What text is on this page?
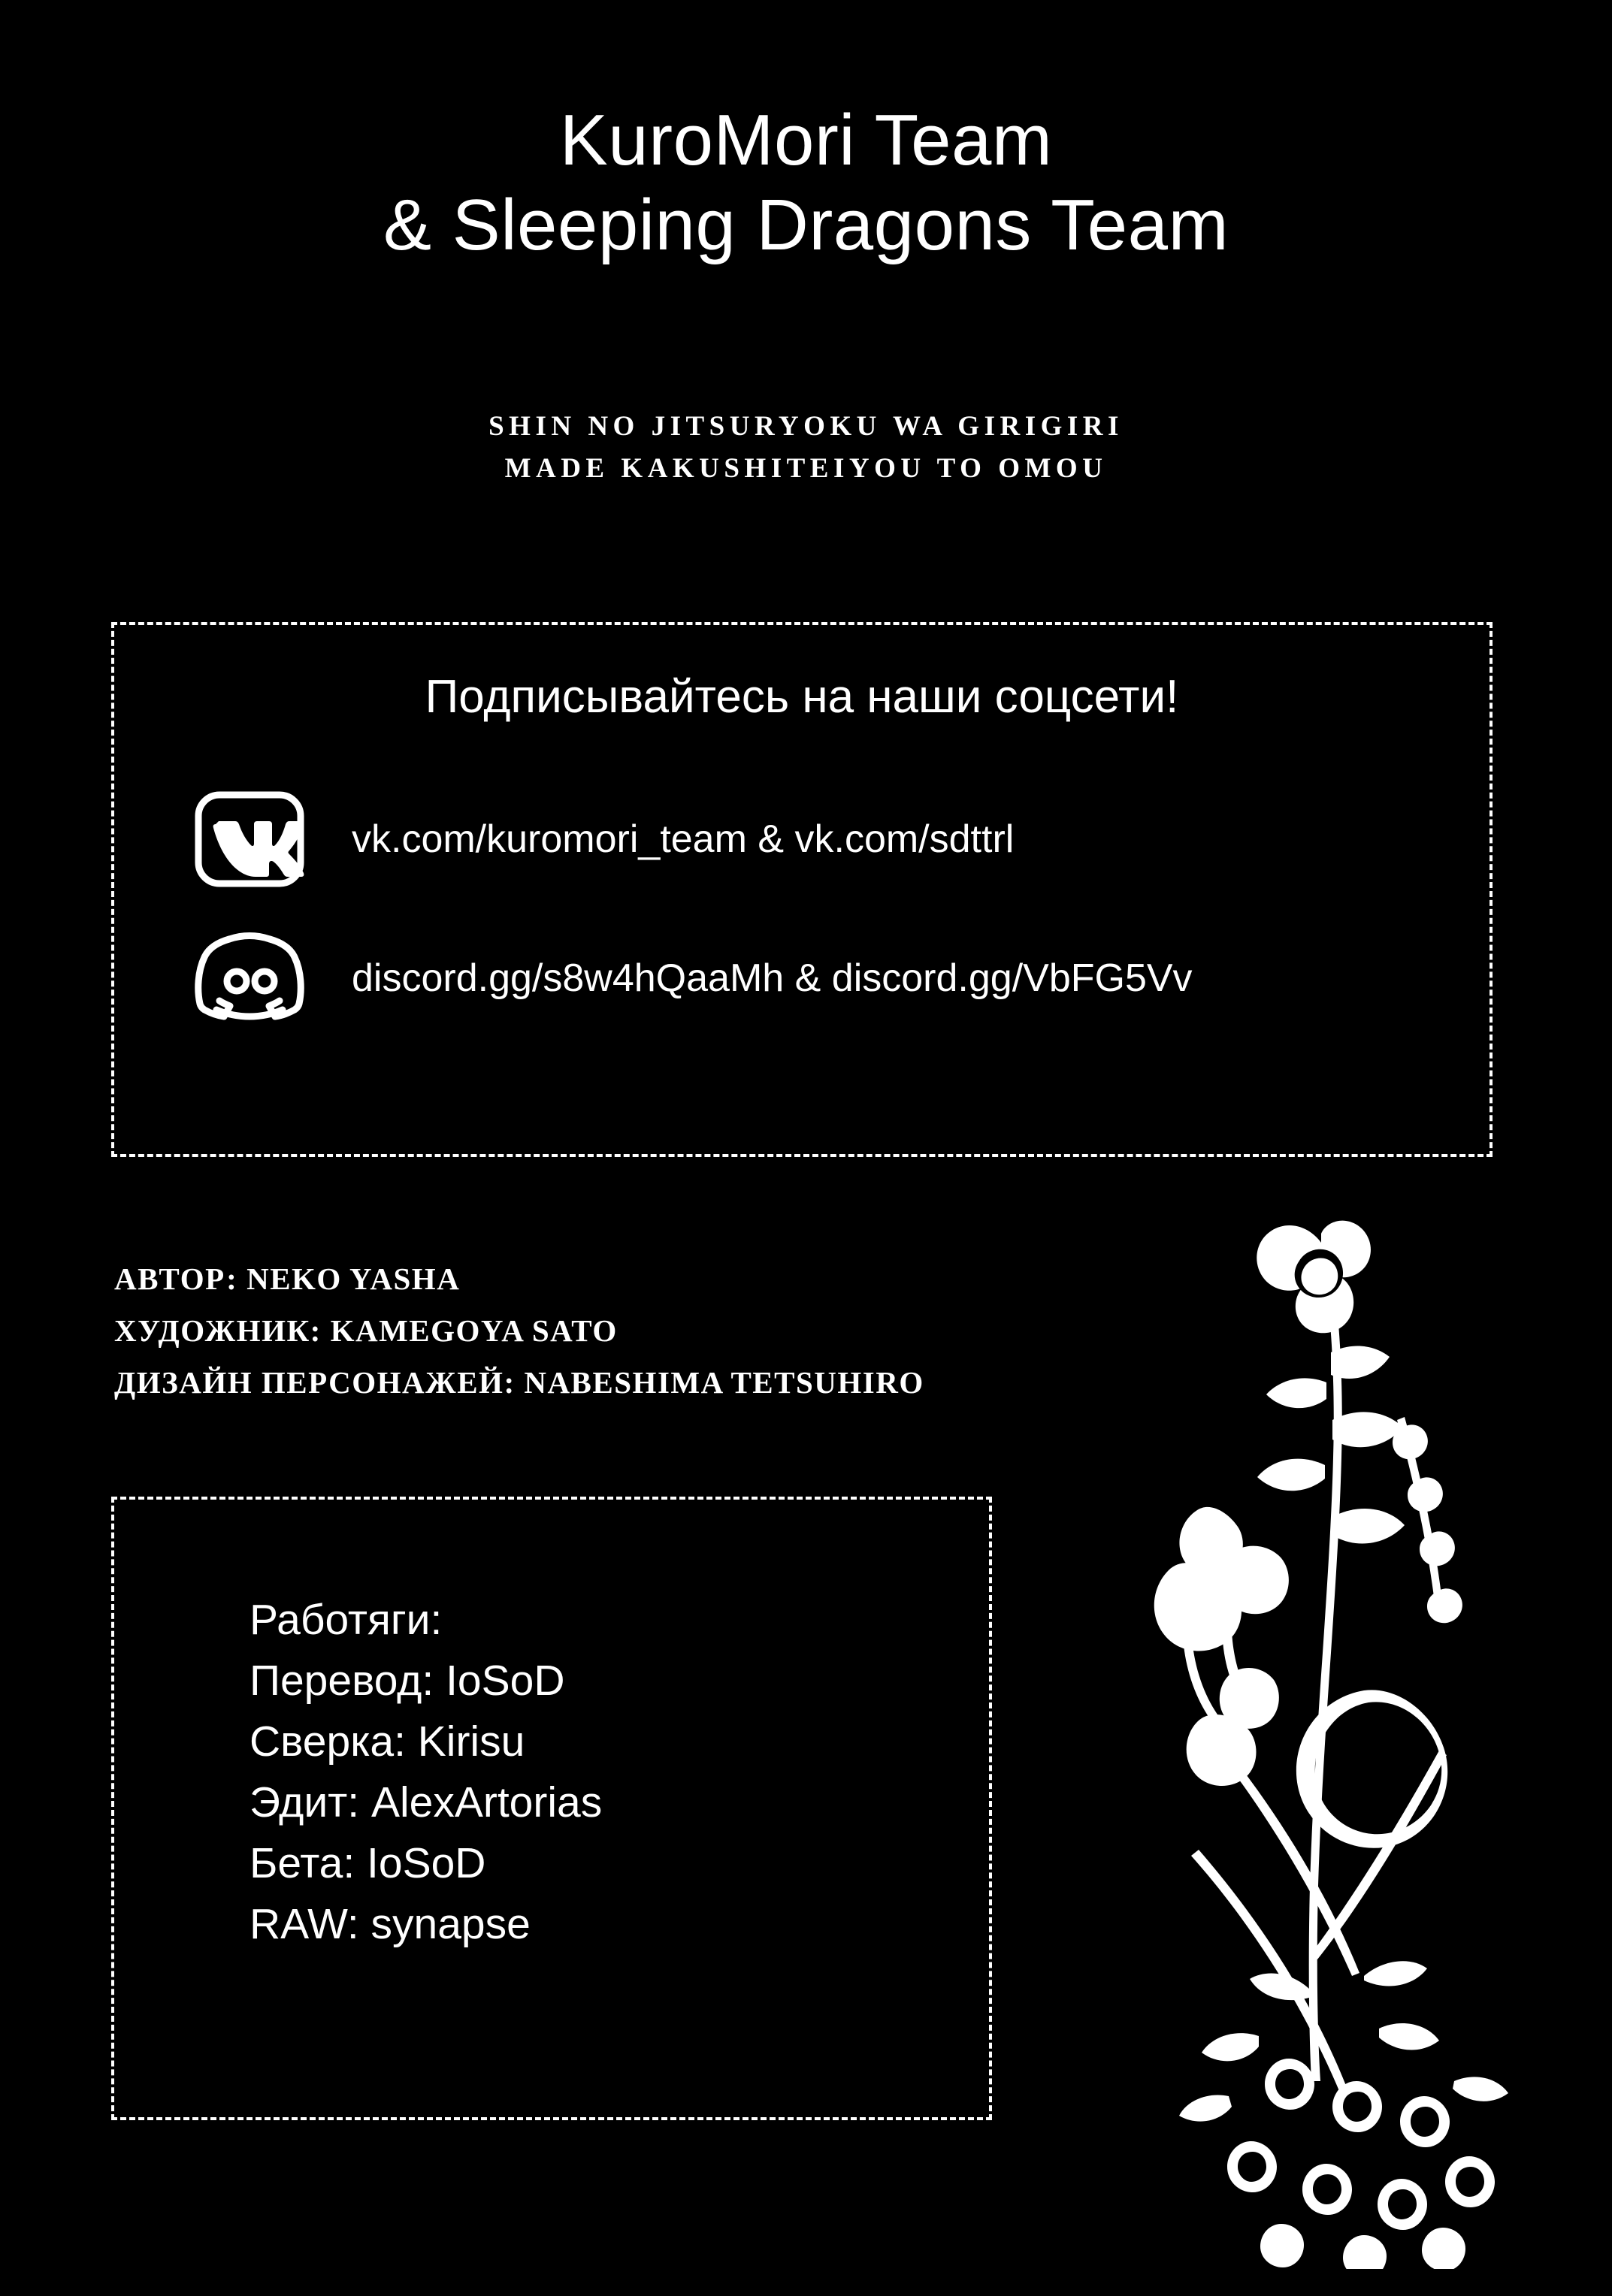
KuroMori Team
& Sleeping Dragons Team
SHIN NO JITSURYOKU WA GIRIGIRI
MADE KAKUSHITEIYOU TO OMOU
Подписывайтесь на наши соцсети!
vk.com/kuromori_team & vk.com/sdttrl
discord.gg/s8w4hQaaMh & discord.gg/VbFG5Vv
АВТОР: NEKO YASHA
ХУДОЖНИК: KAMEGOYA SATO
ДИЗАЙН ПЕРСОНАЖЕЙ: NABESHIMA TETSUHIRO
Работяги:
Перевод: IoSoD
Сверка: Kirisu
Эдит: AlexArtorias
Бета: IoSoD
RAW: synapse
